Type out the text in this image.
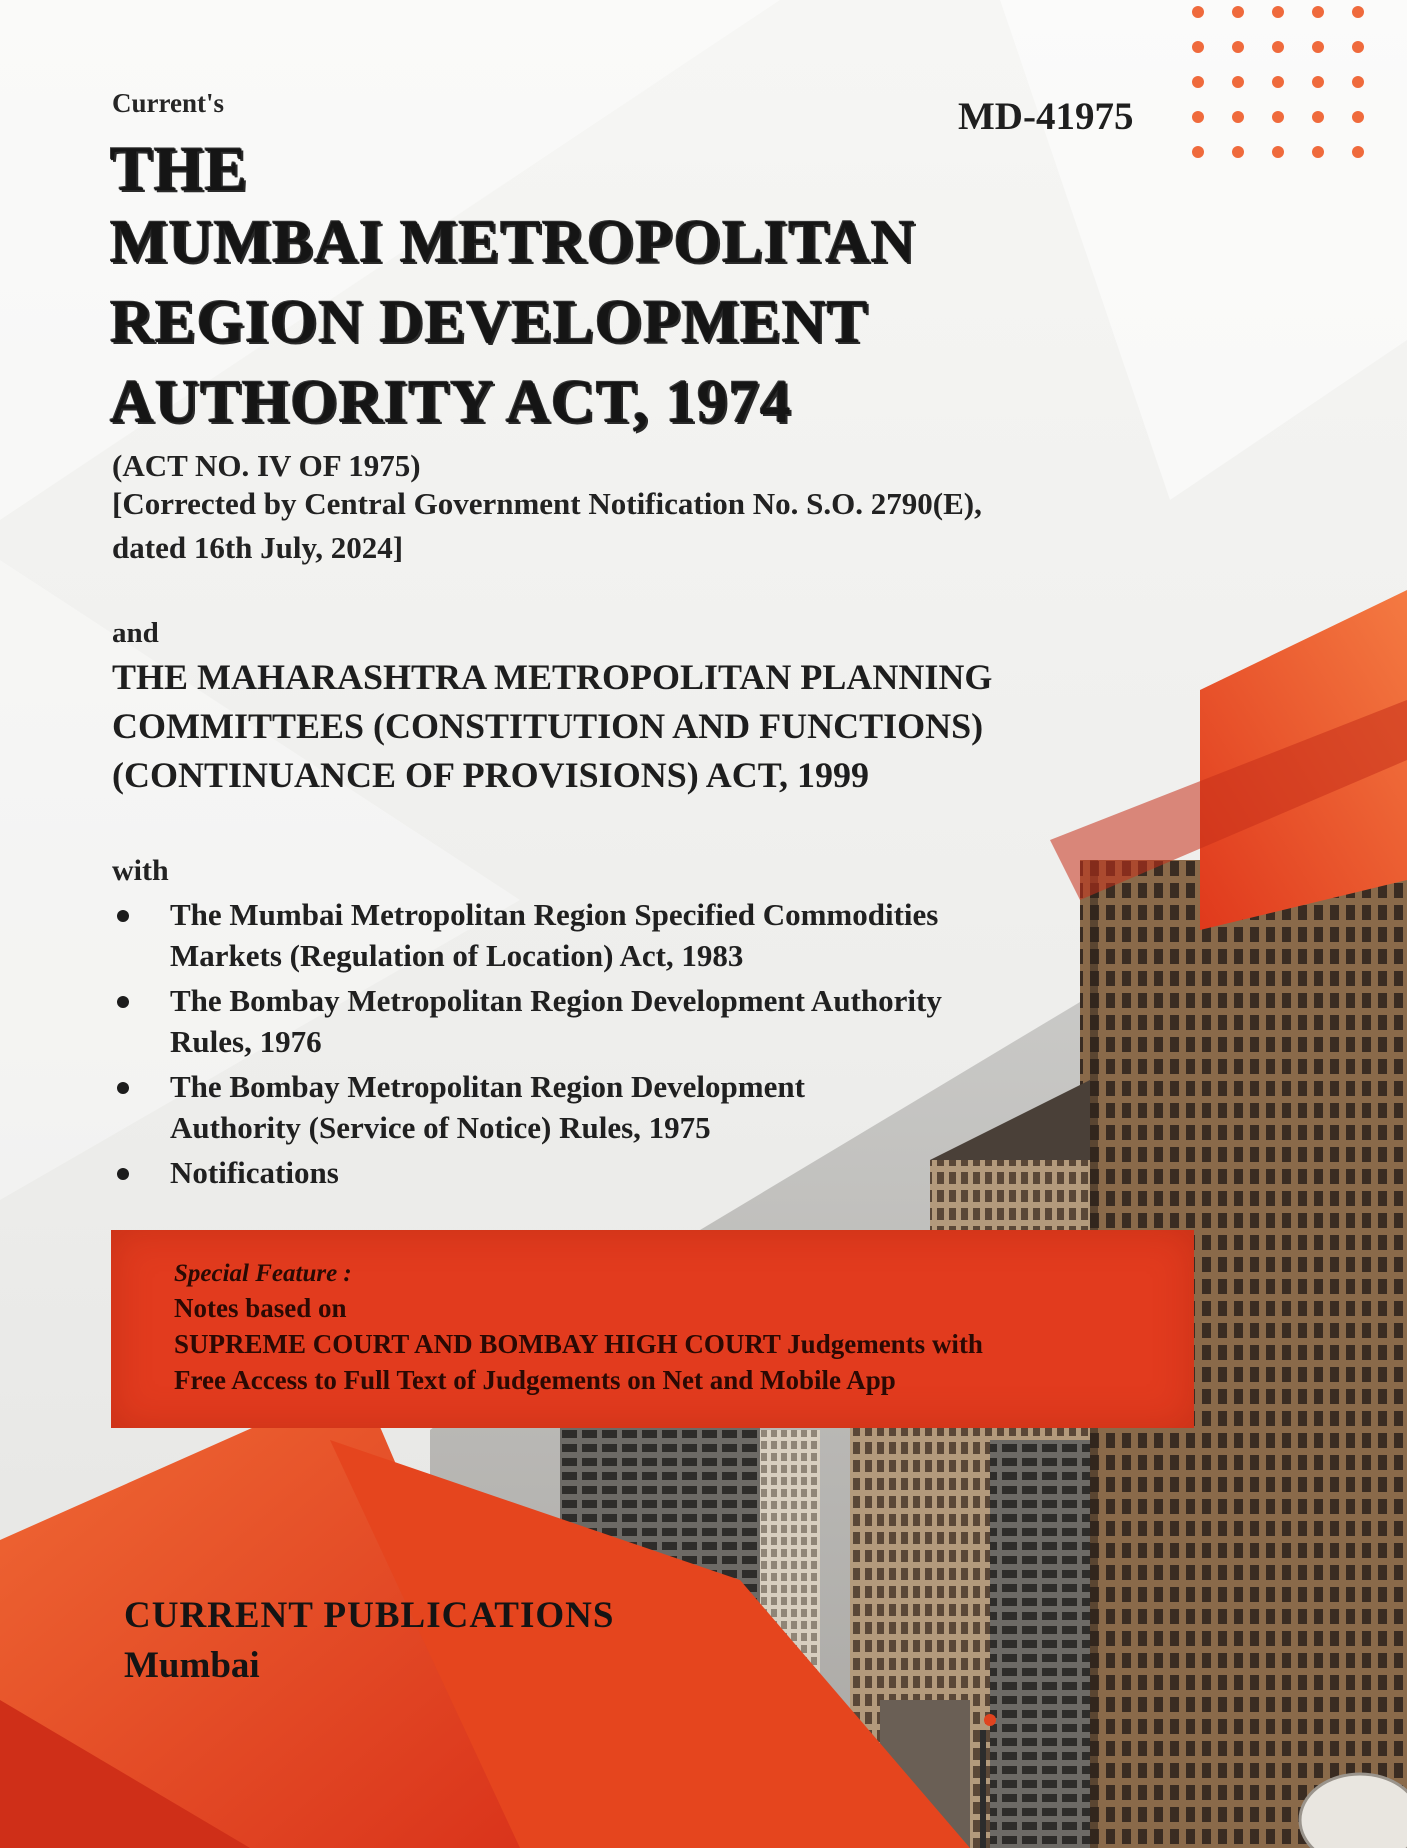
Current's	MD-41975

THE
MUMBAI METROPOLITAN
REGION DEVELOPMENT
AUTHORITY ACT, 1974

(ACT NO. IV OF 1975)

[Corrected by Central Government Notification No. S.O. 2790(E),

dated 16th July, 2024]

and

THE MAHARASHTRA METROPOLITAN PLANNING
COMMITTEES (CONSTITUTION AND FUNCTIONS)
(CONTINUANCE OF PROVISIONS) ACT, 1999

with

The Mumbai Metropolitan Region Specified Commodities
Markets (Regulation of Location) Act, 1983
The Bombay Metropolitan Region Development Authority
Rules, 1976
The Bombay Metropolitan Region Development
Authority (Service of Notice) Rules, 1975
Notifications

Special Feature :

Notes based on

SUPREME COURT AND BOMBAY HIGH COURT Judgements with

Free Access to Full Text of Judgements on Net and Mobile App

CURRENT PUBLICATIONS

Mumbai
